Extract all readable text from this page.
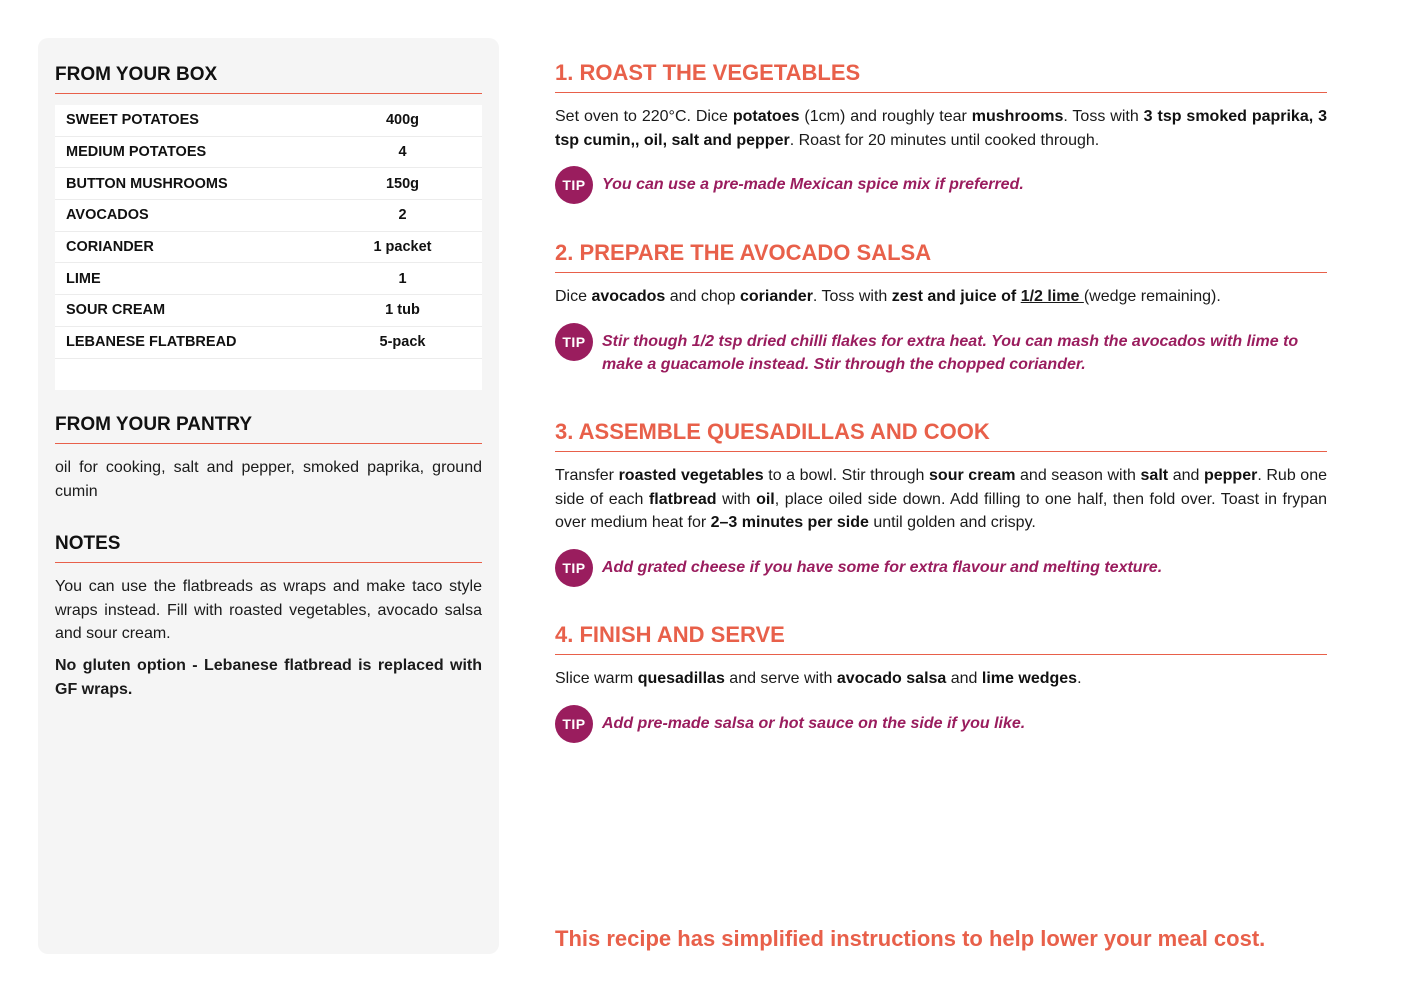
FROM YOUR BOX
SWEET POTATOES	400g
MEDIUM POTATOES	4
BUTTON MUSHROOMS	150g
AVOCADOS	2
CORIANDER	1 packet
LIME	1
SOUR CREAM	1 tub
LEBANESE FLATBREAD	5-pack
FROM YOUR PANTRY

oil for cooking, salt and pepper, smoked paprika, ground cumin

NOTES

You can use the flatbreads as wraps and make taco style wraps instead. Fill with roasted vegetables, avocado salsa and sour cream.

No gluten option - Lebanese flatbread is replaced with GF wraps.

1. ROAST THE VEGETABLES

Set oven to 220°C. Dice potatoes (1cm) and roughly tear mushrooms. Toss with 3 tsp smoked paprika, 3 tsp cumin,, oil, salt and pepper. Roast for 20 minutes until cooked through.

TIP	You can use a pre-made Mexican spice mix if preferred.
2. PREPARE THE AVOCADO SALSA

Dice avocados and chop coriander. Toss with zest and juice of 1/2 lime (wedge remaining).

TIP	Stir though 1/2 tsp dried chilli flakes for extra heat. You can mash the avocados with lime to make a guacamole instead. Stir through the chopped coriander.
3. ASSEMBLE QUESADILLAS AND COOK

Transfer roasted vegetables to a bowl. Stir through sour cream and season with salt and pepper. Rub one side of each flatbread with oil, place oiled side down. Add filling to one half, then fold over. Toast in frypan over medium heat for 2–3 minutes per side until golden and crispy.

TIP	Add grated cheese if you have some for extra flavour and melting texture.
4. FINISH AND SERVE

Slice warm quesadillas and serve with avocado salsa and lime wedges.

TIP	Add pre-made salsa or hot sauce on the side if you like.
This recipe has simplified instructions to help lower your meal cost.
